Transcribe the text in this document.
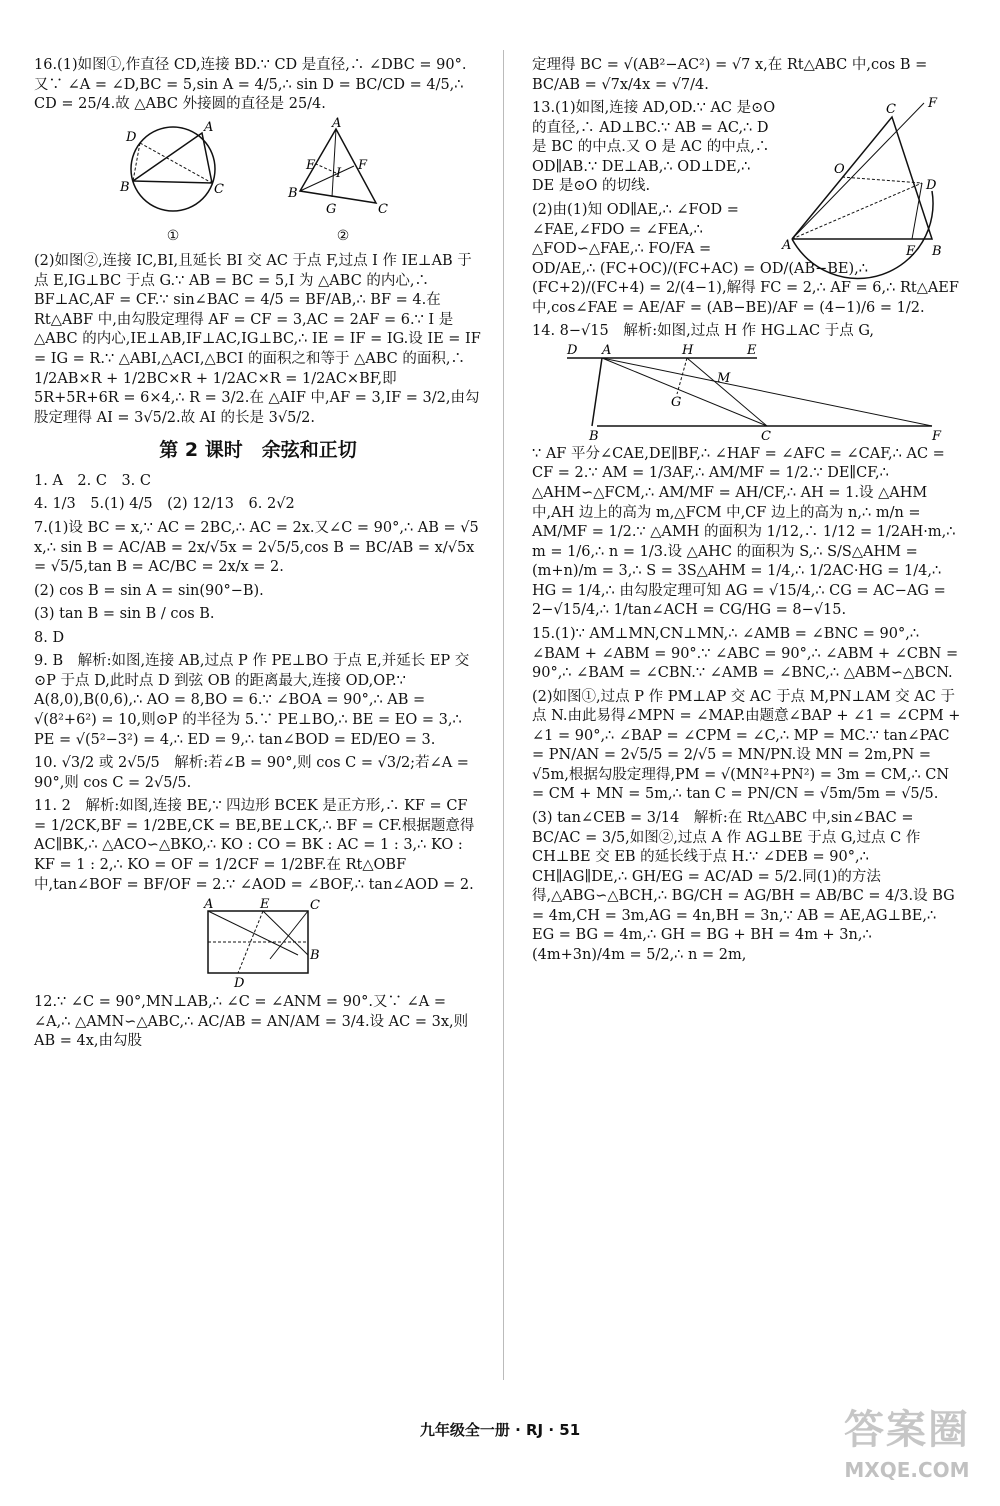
16.(1)如图①,作直径 CD,连接 BD.∵ CD 是直径,∴ ∠DBC = 90°. 又∵ ∠A = ∠D,BC = 5,sin A = 4/5,∴ sin D = BC/CD = 4/5,∴ CD = 25/4.故 △ABC 外接圆的直径是 25/4.

D
A
B	C
①
A
E	F
I
B
G	C
②

(2)如图②,连接 IC,BI,且延长 BI 交 AC 于点 F,过点 I 作 IE⊥AB 于点 E,IG⊥BC 于点 G.∵ AB = BC = 5,I 为 △ABC 的内心,∴ BF⊥AC,AF = CF.∵ sin∠BAC = 4/5 = BF/AB,∴ BF = 4.在 Rt△ABF 中,由勾股定理得 AF = CF = 3,AC = 2AF = 6.∵ I 是 △ABC 的内心,IE⊥AB,IF⊥AC,IG⊥BC,∴ IE = IF = IG.设 IE = IF = IG = R.∵ △ABI,△ACI,△BCI 的面积之和等于 △ABC 的面积,∴ 1/2AB×R + 1/2BC×R + 1/2AC×R = 1/2AC×BF,即 5R+5R+6R = 6×4,∴ R = 3/2.在 △AIF 中,AF = 3,IF = 3/2,由勾股定理得 AI = 3√5/2.故 AI 的长是 3√5/2.

第 2 课时　余弦和正切

1. A　2. C　3. C

4. 1/3　5.(1) 4/5　(2) 12/13　6. 2√2

7.(1)设 BC = x,∵ AC = 2BC,∴ AC = 2x.又∠C = 90°,∴ AB = √5 x,∴ sin B = AC/AB = 2x/√5x = 2√5/5,cos B = BC/AB = x/√5x = √5/5,tan B = AC/BC = 2x/x = 2.

(2) cos B = sin A = sin(90°−B).

(3) tan B = sin B / cos B.

8. D

9. B　解析:如图,连接 AB,过点 P 作 PE⊥BO 于点 E,并延长 EP 交⊙P 于点 D,此时点 D 到弦 OB 的距离最大,连接 OD,OP.∵ A(8,0),B(0,6),∴ AO = 8,BO = 6.∵ ∠BOA = 90°,∴ AB = √(8²+6²) = 10,则⊙P 的半径为 5.∵ PE⊥BO,∴ BE = EO = 3,∴ PE = √(5²−3²) = 4,∴ ED = 9,∴ tan∠BOD = ED/EO = 3.

10. √3/2 或 2√5/5　解析:若∠B = 90°,则 cos C = √3/2;若∠A = 90°,则 cos C = 2√5/5.

11. 2　解析:如图,连接 BE,∵ 四边形 BCEK 是正方形,∴ KF = CF = 1/2CK,BF = 1/2BE,CK = BE,BE⊥CK,∴ BF = CF.根据题意得 AC∥BK,∴ △ACO∽△BKO,∴ KO : CO = BK : AC = 1 : 3,∴ KO : KF = 1 : 2,∴ KO = OF = 1/2CF = 1/2BF.在 Rt△OBF 中,tan∠BOF = BF/OF = 2.∵ ∠AOD = ∠BOF,∴ tan∠AOD = 2.

A	E	C
B
D

12.∵ ∠C = 90°,MN⊥AB,∴ ∠C = ∠ANM = 90°.又∵ ∠A = ∠A,∴ △AMN∽△ABC,∴ AC/AB = AN/AM = 3/4.设 AC = 3x,则 AB = 4x,由勾股

定理得 BC = √(AB²−AC²) = √7 x,在 Rt△ABC 中,cos B = BC/AB = √7x/4x = √7/4.

A
C F
O
D
E B

13.(1)如图,连接 AD,OD.∵ AC 是⊙O 的直径,∴ AD⊥BC.∵ AB = AC,∴ D 是 BC 的中点.又 O 是 AC 的中点,∴ OD∥AB.∵ DE⊥AB,∴ OD⊥DE,∴ DE 是⊙O 的切线.

(2)由(1)知 OD∥AE,∴ ∠FOD = ∠FAE,∠FDO = ∠FEA,∴ △FOD∽△FAE,∴ FO/FA = OD/AE,∴ (FC+OC)/(FC+AC) = OD/(AB−BE),∴ (FC+2)/(FC+4) = 2/(4−1),解得 FC = 2,∴ AF = 6,∴ Rt△AEF 中,cos∠FAE = AE/AF = (AB−BE)/AF = (4−1)/6 = 1/2.

14. 8−√15　解析:如图,过点 H 作 HG⊥AC 于点 G,

D A	H	E
M
G
B	C	F

∵ AF 平分∠CAE,DE∥BF,∴ ∠HAF = ∠AFC = ∠CAF,∴ AC = CF = 2.∵ AM = 1/3AF,∴ AM/MF = 1/2.∵ DE∥CF,∴ △AHM∽△FCM,∴ AM/MF = AH/CF,∴ AH = 1.设 △AHM 中,AH 边上的高为 m,△FCM 中,CF 边上的高为 n,∴ m/n = AM/MF = 1/2.∵ △AMH 的面积为 1/12,∴ 1/12 = 1/2AH·m,∴ m = 1/6,∴ n = 1/3.设 △AHC 的面积为 S,∴ S/S△AHM = (m+n)/m = 3,∴ S = 3S△AHM = 1/4,∴ 1/2AC·HG = 1/4,∴ HG = 1/4,∴ 由勾股定理可知 AG = √15/4,∴ CG = AC−AG = 2−√15/4,∴ 1/tan∠ACH = CG/HG = 8−√15.

15.(1)∵ AM⊥MN,CN⊥MN,∴ ∠AMB = ∠BNC = 90°,∴ ∠BAM + ∠ABM = 90°.∵ ∠ABC = 90°,∴ ∠ABM + ∠CBN = 90°,∴ ∠BAM = ∠CBN.∵ ∠AMB = ∠BNC,∴ △ABM∽△BCN.

(2)如图①,过点 P 作 PM⊥AP 交 AC 于点 M,PN⊥AM 交 AC 于点 N.由此易得∠MPN = ∠MAP.由题意∠BAP + ∠1 = ∠CPM + ∠1 = 90°,∴ ∠BAP = ∠CPM = ∠C,∴ MP = MC.∵ tan∠PAC = PN/AN = 2√5/5 = 2/√5 = MN/PN.设 MN = 2m,PN = √5m,根据勾股定理得,PM = √(MN²+PN²) = 3m = CM,∴ CN = CM + MN = 5m,∴ tan C = PN/CN = √5m/5m = √5/5.

(3) tan∠CEB = 3/14　解析:在 Rt△ABC 中,sin∠BAC = BC/AC = 3/5,如图②,过点 A 作 AG⊥BE 于点 G,过点 C 作 CH⊥BE 交 EB 的延长线于点 H.∵ ∠DEB = 90°,∴ CH∥AG∥DE,∴ GH/EG = AC/AD = 5/2.同(1)的方法得,△ABG∽△BCH,∴ BG/CH = AG/BH = AB/BC = 4/3.设 BG = 4m,CH = 3m,AG = 4n,BH = 3n,∵ AB = AE,AG⊥BE,∴ EG = BG = 4m,∴ GH = BG + BH = 4m + 3n,∴ (4m+3n)/4m = 5/2,∴ n = 2m,

九年级全一册 · RJ · 51	答案圈
MXQE.COM
